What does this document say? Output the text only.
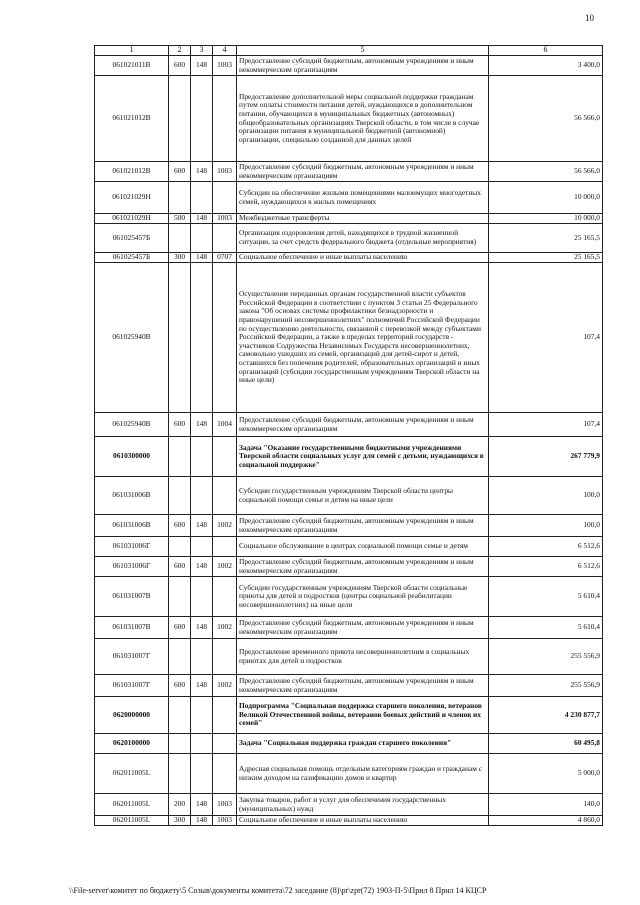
10
1	2	3	4	5	6
061021011В	600	148	1003	Предоставление субсидий бюджетным, автономным учреждениям и иным некоммерческим организациям	3 400,0
061021012В				Предоставление дополнительной меры социальной поддержки гражданам путем оплаты стоимости питания детей, нуждающихся в дополнительном питании, обучающихся в муниципальных бюджетных (автономных) общеобразовательных организациях Тверской области, в том числе в случае организации питания в муниципальной бюджетной (автономной) организации, специально созданной для данных целей	56 566,0
061021012В	600	148	1003	Предоставление субсидий бюджетным, автономным учреждениям и иным некоммерческим организациям	56 566,0
061021029Н				Субсидии на обеспечение жилыми помещениями малоимущих многодетных семей, нуждающихся в жилых помещениях	10 000,0
061021029Н	500	148	1003	Межбюджетные трансферты	10 000,0
061025457Б				Организация оздоровления детей, находящихся в трудной жизненной ситуации, за счет средств федерального бюджета (отдельные мероприятия)	25 165,5
061025457Б	300	148	0707	Социальное обеспечение и иные выплаты населению	25 165,5
061025940В				Осуществление переданных органам государственной власти субъектов Российской Федерации в соответствии с пунктом 3 статьи 25 Федерального закона "Об основах системы профилактики безнадзорности и правонарушений несовершеннолетних" полномочий Российской Федерации по осуществлению деятельности, связанной с перевозкой между субъектами Российской Федерации, а также в пределах территорий государств - участников Содружества Независимых Государств несовершеннолетних, самовольно ушедших из семей, организаций для детей-сирот и детей, оставшихся без попечения родителей, образовательных организаций и иных организаций (субсидии государственным учреждениям Тверской области на иные цели)	107,4
061025940В	600	148	1004	Предоставление субсидий бюджетным, автономным учреждениям и иным некоммерческим организациям	107,4
0610300000				Задача "Оказание государственными бюджетными учреждениями Тверской области социальных услуг для семей с детьми, нуждающихся в социальной поддержке"	267 779,9
061031006В				Субсидии государственным учреждениям Тверской области центры социальной помощи семье и детям на иные цели	100,0
061031006В	600	148	1002	Предоставление субсидий бюджетным, автономным учреждениям и иным некоммерческим организациям	100,0
061031006Г				Социальное обслуживание в центрах социальной помощи семье и детям	6 512,6
061031006Г	600	148	1002	Предоставление субсидий бюджетным, автономным учреждениям и иным некоммерческим организациям	6 512,6
061031007В				Субсидии государственным учреждениям Тверской области социальные приюты для детей и подростков (центры социальной реабилитации несовершеннолетних) на иные цели	5 610,4
061031007В	600	148	1002	Предоставление субсидий бюджетным, автономным учреждениям и иным некоммерческим организациям	5 610,4
061031007Г				Предоставление временного приюта несовершеннолетним в социальных приютах для детей и подростков	255 556,9
061031007Г	600	148	1002	Предоставление субсидий бюджетным, автономным учреждениям и иным некоммерческим организациям	255 556,9
0620000000				Подпрограмма "Социальная поддержка старшего поколения, ветеранов Великой Отечественной войны, ветеранов боевых действий и членов их семей"	4 230 877,7
0620100000				Задача "Социальная поддержка граждан старшего поколения"	60 495,8
062011005L				Адресная социальная помощь отдельным категориям граждан и гражданам с низким доходом на газификацию домов и квартир	5 000,0
062011005L	200	148	1003	Закупка товаров, работ и услуг для обеспечения государственных (муниципальных) нужд	140,0
062011005L	300	148	1003	Социальное обеспечение и иные выплаты населению	4 860,0
\\File-server\комитет по бюджету\5 Созыв\документы комитета\72 заседание (8)\pr\zpr(72) 1903-П-5\Прил 8 Прил 14 КЦСР
